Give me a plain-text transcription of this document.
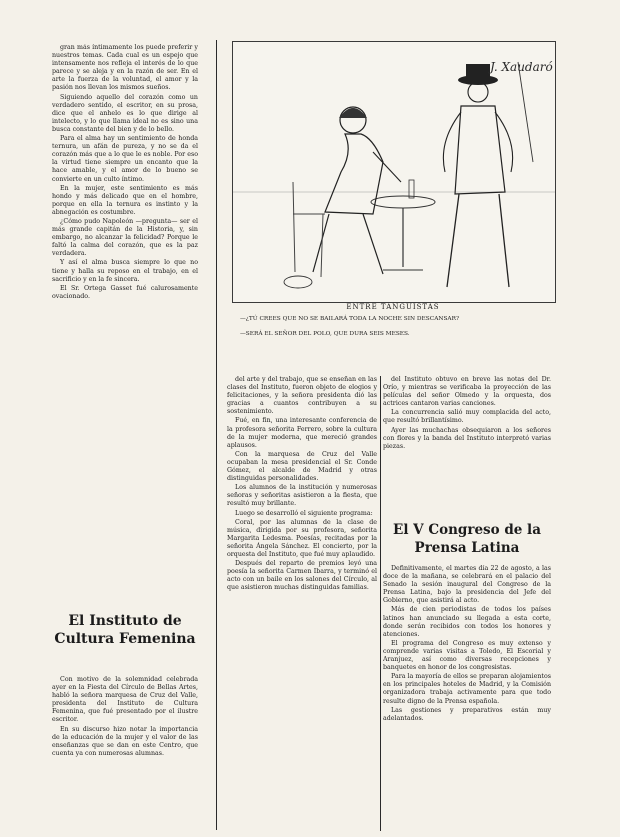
J. Xaudaró
ENTRE TANGUISTAS
—¿TÚ CREES QUE NO SE BAILARÁ TODA LA NOCHE SIN DESCANSAR?
—SERÁ EL SEÑOR DEL POLO, QUE DURA SEIS MESES.

gran más íntimamente los puede preferir y nuestros temas. Cada cual es un espejo que intensamente nos refleja el interés de lo que parece y se aleja y en la razón de ser. En el arte la fuerza de la voluntad, el amor y la pasión nos llevan los mismos sueños.

Siguiendo aquello del corazón como un verdadero sentido, el escritor, en su prosa, dice que el anhelo es lo que dirige al intelecto, y lo que llama ideal no es sino una busca constante del bien y de lo bello.

Para el alma hay un sentimiento de honda ternura, un afán de pureza, y no se da el corazón más que a lo que le es noble. Por eso la virtud tiene siempre un encanto que la hace amable, y el amor de lo bueno se convierte en un culto íntimo.

En la mujer, este sentimiento es más hondo y más delicado que en el hombre, porque en ella la ternura es instinto y la abnegación es costumbre.

¿Cómo pudo Napoleón —pregunta— ser el más grande capitán de la Historia, y, sin embargo, no alcanzar la felicidad? Porque le faltó la calma del corazón, que es la paz verdadera.

Y así el alma busca siempre lo que no tiene y halla su reposo en el trabajo, en el sacrificio y en la fe sincera.

El Sr. Ortega Gasset fué calurosamente ovacionado.

El Instituto de Cultura Femenina

Con motivo de la solemnidad celebrada ayer en la Fiesta del Círculo de Bellas Artes, habló la señora marquesa de Cruz del Valle, presidenta del Instituto de Cultura Femenina, que fué presentado por el ilustre escritor.

En su discurso hizo notar la importancia de la educación de la mujer y el valor de las enseñanzas que se dan en este Centro, que cuenta ya con numerosas alumnas.

del arte y del trabajo, que se enseñan en las clases del Instituto, fueron objeto de elogios y felicitaciones, y la señora presidenta dió las gracias a cuantos contribuyen a su sostenimiento.

Fué, en fin, una interesante conferencia de la profesora señorita Ferrero, sobre la cultura de la mujer moderna, que mereció grandes aplausos.

Con la marquesa de Cruz del Valle ocupaban la mesa presidencial el Sr. Conde Gómez, el alcalde de Madrid y otras distinguidas personalidades.

Los alumnos de la institución y numerosas señoras y señoritas asistieron a la fiesta, que resultó muy brillante.

Luego se desarrolló el siguiente programa:

Coral, por las alumnas de la clase de música, dirigida por su profesora, señorita Margarita Ledesma. Poesías, recitadas por la señorita Ángela Sánchez. El concierto, por la orquesta del Instituto, que fué muy aplaudido.

Después del reparto de premios leyó una poesía la señorita Carmen Ibarra, y terminó el acto con un baile en los salones del Círculo, al que asistieron muchas distinguidas familias.

del Instituto obtuvo en breve las notas del Dr. Orío, y mientras se verificaba la proyección de las películas del señor Olmedo y la orquesta, dos actrices cantaron varias canciones.

La concurrencia salió muy complacida del acto, que resultó brillantísimo.

Ayer las muchachas obsequiaron a los señores con flores y la banda del Instituto interpretó varias piezas.

El V Congreso de la Prensa Latina

Definitivamente, el martes día 22 de agosto, a las doce de la mañana, se celebrará en el palacio del Senado la sesión inaugural del Congreso de la Prensa Latina, bajo la presidencia del Jefe del Gobierno, que asistirá al acto.

Más de cien periodistas de todos los países latinos han anunciado su llegada a esta corte, donde serán recibidos con todos los honores y atenciones.

El programa del Congreso es muy extenso y comprende varias visitas a Toledo, El Escorial y Aranjuez, así como diversas recepciones y banquetes en honor de los congresistas.

Para la mayoría de ellos se preparan alojamientos en los principales hoteles de Madrid, y la Comisión organizadora trabaja activamente para que todo resulte digno de la Prensa española.

Las gestiones y preparativos están muy adelantados.
